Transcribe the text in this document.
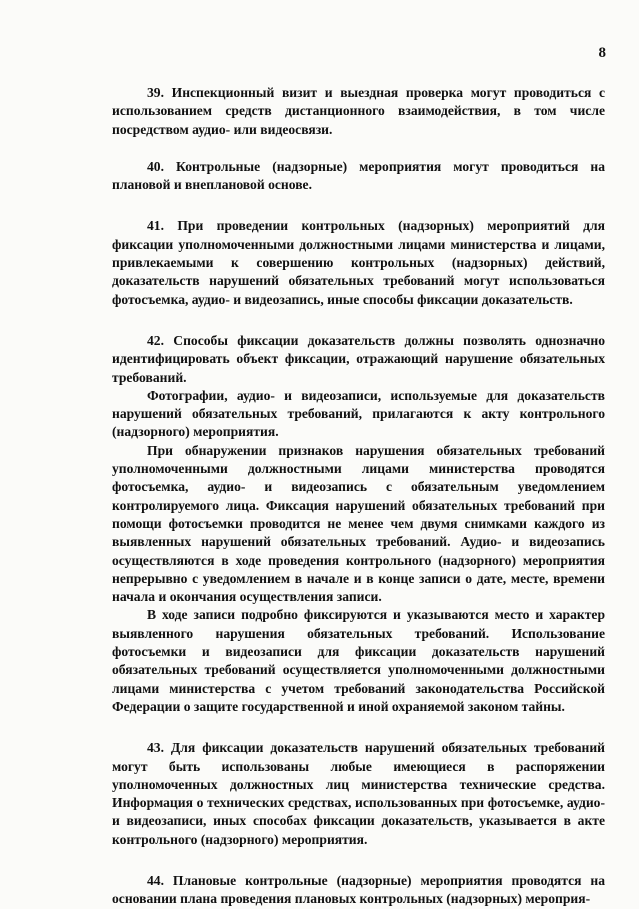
8

39. Инспекционный визит и выездная проверка могут проводиться с использованием средств дистанционного взаимодействия, в том числе посредством аудио- или видеосвязи.

40. Контрольные (надзорные) мероприятия могут проводиться на плановой и внеплановой основе.

41. При проведении контрольных (надзорных) мероприятий для фиксации уполномоченными должностными лицами министерства и лицами, привлекаемыми к совершению контрольных (надзорных) действий, доказательств нарушений обязательных требований могут использоваться фотосъемка, аудио- и видеозапись, иные способы фиксации доказательств.

42. Способы фиксации доказательств должны позволять однозначно идентифицировать объект фиксации, отражающий нарушение обязательных требований.

Фотографии, аудио- и видеозаписи, используемые для доказательств нарушений обязательных требований, прилагаются к акту контрольного (надзорного) мероприятия.

При обнаружении признаков нарушения обязательных требований уполномоченными должностными лицами министерства проводятся фотосъемка, аудио- и видеозапись с обязательным уведомлением контролируемого лица. Фиксация нарушений обязательных требований при помощи фотосъемки проводится не менее чем двумя снимками каждого из выявленных нарушений обязательных требований. Аудио- и видеозапись осуществляются в ходе проведения контрольного (надзорного) мероприятия непрерывно с уведомлением в начале и в конце записи о дате, месте, времени начала и окончания осуществления записи.

В ходе записи подробно фиксируются и указываются место и характер выявленного нарушения обязательных требований. Использование фотосъемки и видеозаписи для фиксации доказательств нарушений обязательных требований осуществляется уполномоченными должностными лицами министерства с учетом требований законодательства Российской Федерации о защите государственной и иной охраняемой законом тайны.

43. Для фиксации доказательств нарушений обязательных требований могут быть использованы любые имеющиеся в распоряжении уполномоченных должностных лиц министерства технические средства. Информация о технических средствах, использованных при фотосъемке, аудио- и видеозаписи, иных способах фиксации доказательств, указывается в акте контрольного (надзорного) мероприятия.

44. Плановые контрольные (надзорные) мероприятия проводятся на основании плана проведения плановых контрольных (надзорных) мероприя-
